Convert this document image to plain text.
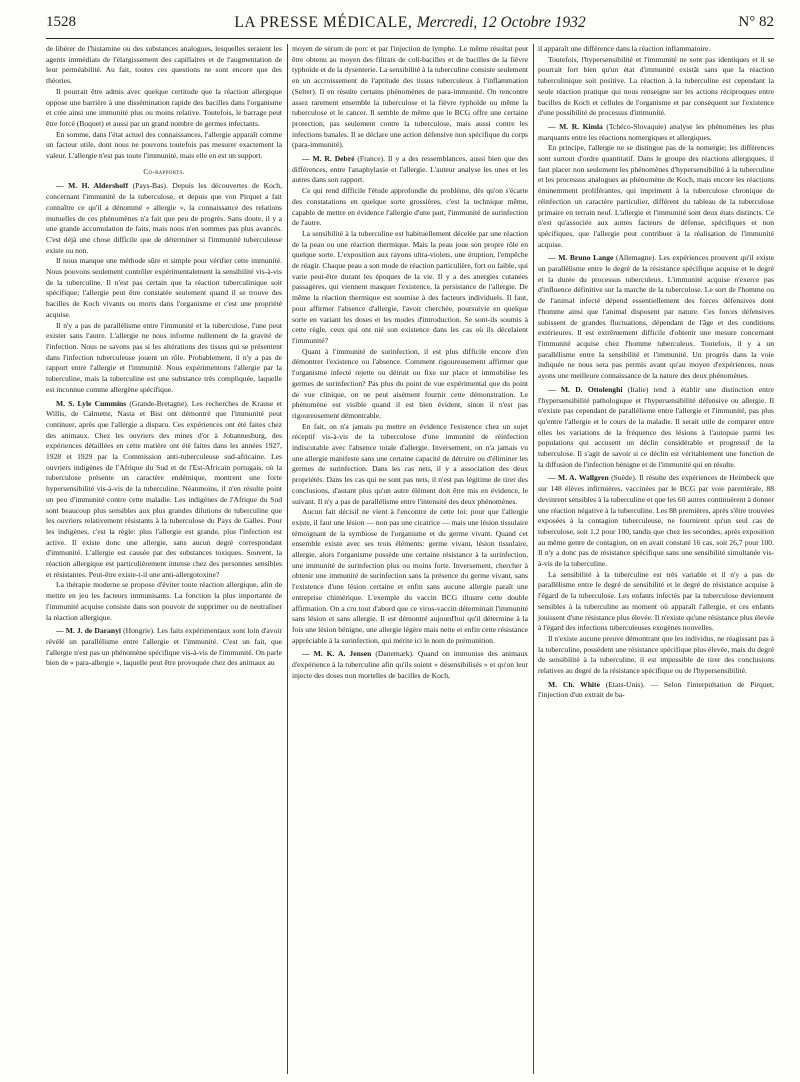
1528	LA PRESSE MÉDICALE, Mercredi, 12 Octobre 1932	N° 82

de libérer de l'histamine ou des substances analogues, lesquelles seraient les agents immédiats de l'élargissement des capillaires et de l'augmentation de leur perméabilité. Au fait, toutes ces questions ne sont encore que des théories.

Il pourrait être admis avec quelque certitude que la réaction allergique oppose une barrière à une dissémination rapide des bacilles dans l'organisme et crée ainsi une immunité plus ou moins relative. Toutefois, le barrage peut être forcé (Boquet) et aussi par un grand nombre de germes infectants.

En somme, dans l'état actuel des connaissances, l'allergie apparaît comme un facteur utile, dont nous ne pouvons toutefois pas mesurer exactement la valeur. L'allergie n'est pas toute l'immunité, mais elle en est un support.

Co-rapports.

— M. H. Aldershoff (Pays-Bas). Depuis les découvertes de Koch, concernant l'immunité de la tuberculose, et depuis que von Pirquet a fait connaître ce qu'il a dénommé « allergie », la connaissance des relations mutuelles de ces phénomènes n'a fait que peu de progrès. Sans doute, il y a une grande accumulation de faits, mais nous n'en sommes pas plus avancés. C'est déjà une chose difficile que de déterminer si l'immunité tuberculeuse existe ou non.

Il nous manque une méthode sûre et simple pour vérifier cette immunité. Nous pouvons seulement contrôler expérimentalement la sensibilité vis-à-vis de la tuberculine. Il n'est pas certain que la réaction tuberculinique soit spécifique; l'allergie peut être constatée seulement quand il se trouve des bacilles de Koch vivants ou morts dans l'organisme et c'est une propriété acquise.

Il n'y a pas de parallélisme entre l'immunité et la tuberculose, l'une peut exister sans l'autre. L'allergie ne nous informe nullement de la gravité de l'infection. Nous ne savons pas si les altérations des tissus qui se présentent dans l'infection tuberculeuse jouent un rôle. Probablement, il n'y a pas de rapport entre l'allergie et l'immunité. Nous expérimentons l'allergie par la tuberculine, mais la tuberculine est une substance très compliquée, laquelle est inconnue comme allergène spécifique.

M. S. Lyle Cummins (Grande-Bretagne). Les recherches de Krause et Willis, de Calmette, Nasta et Bist ont démontré que l'immunité peut continuer, après que l'allergie a disparu. Ces expériences ont été faites chez des animaux. Chez les ouvriers des mines d'or à Johannesburg, des expériences détaillées en cette matière ont été faites dans les années 1927, 1928 et 1929 par la Commission anti-tuberculeuse sud-africaine. Les ouvriers indigènes de l'Afrique du Sud et de l'Est-Africain portugais, où la tuberculose présente un caractère endémique, montrent une forte hypersensibilité vis-à-vis de la tuberculine. Néanmoins, il n'en résulte point un peu d'immunité contre cette maladie. Les indigènes de l'Afrique du Sud sont beaucoup plus sensibles aux plus grandes dilutions de tuberculine que les ouvriers relativement résistants à la tuberculose du Pays de Galles. Pour les indigènes, c'est la règle: plus l'allergie est grande, plus l'infection est active. Il existe donc une allergie, sans aucun degré correspondant d'immunité. L'allergie est causée par des substances toxiques. Souvent, la réaction allergique est particulièrement intense chez des personnes sensibles et résistantes. Peut-être existe-t-il une anti-allergotoxine?

La thérapie moderne se propose d'éviter toute réaction allergique, afin de mettre en jeu les facteurs immunisants. La fonction la plus importante de l'immunité acquise consiste dans son pouvoir de supprimer ou de neutraliser la réaction allergique.

— M. J. de Daranyi (Hongrie). Les faits expérimentaux sont loin d'avoir révélé un parallélisme entre l'allergie et l'immunité. C'est un fait, que l'allergie n'est pas un phénomène spécifique vis-à-vis de l'immunité. On parle bien de « para-allergie », laquelle peut être provoquée chez des animaux au

moyen de sérum de porc et par l'injection de lymphe. Le même résultat peut être obtenu au moyen des filtrats de coli-bacilles et de bacilles de la fièvre typhoïde et de la dysenterie. La sensibilité à la tuberculine consiste seulement en un accroissement de l'aptitude des tissus tuberculeux à l'inflammation (Selter). Il en résulte certains phénomènes de para-immunité. On rencontre assez rarement ensemble la tuberculose et la fièvre typhoïde ou même la tuberculose et le cancer. Il semble de même que le BCG offre une certaine protection, pas seulement contre la tuberculose, mais aussi contre les infections banales. Il se déclare une action défensive non spécifique du corps (para-immunité).

— M. R. Debré (France). Il y a des ressemblances, aussi bien que des différences, entre l'anaphylaxie et l'allergie. L'auteur analyse les unes et les autres dans son rapport.

Ce qui rend difficile l'étude approfondie du problème, dès qu'on s'écarte des constatations en quelque sorte grossières, c'est la technique même, capable de mettre en évidence l'allergie d'une part, l'immunité de surinfection de l'autre.

La sensibilité à la tuberculine est habituellement décelée par une réaction de la peau ou une réaction thermique. Mais la peau joue son propre rôle en quelque sorte. L'exposition aux rayons ultra-violets, une éruption, l'empêche de réagir. Chaque peau a son mode de réaction particulière, fort ou faible, qui varie peut-être durant les époques de la vie. Il y a des anergies cutanées passagères, qui viennent masquer l'existence, la persistance de l'allergie. De même la réaction thermique est soumise à des facteurs individuels. Il faut, pour affirmer l'absence d'allergie, l'avoir cherchée, poursuivie en quelque sorte en variant les doses et les modes d'introduction. Se sont-ils soumis à cette règle, ceux qui ont nié son existence dans les cas où ils décelaient l'immunité?

Quant à l'immunité de surinfection, il est plus difficile encore d'en démontrer l'existence ou l'absence. Comment rigoureusement affirmer que l'organisme infecté rejette ou détruit ou fixe sur place et immobilise les germes de surinfection? Pas plus du point de vue expérimental que du point de vue clinique, on ne peut aisément fournir cette démonstration. Le phénomène est visible quand il est bien évident, sinon il n'est pas rigoureusement démontrable.

En fait, on n'a jamais pu mettre en évidence l'existence chez un sujet réceptif vis-à-vis de la tuberculose d'une immunité de réinfection indiscutable avec l'absence totale d'allergie. Inversement, on n'a jamais vu une allergie manifeste sans une certaine capacité de détruire ou d'éliminer les germes de surinfection. Dans les cas nets, il y a association des deux propriétés. Dans les cas qui ne sont pas nets, il n'est pas légitime de tirer des conclusions, d'autant plus qu'un autre élément doit être mis en évidence, le suivant. Il n'y a pas de parallélisme entre l'intensité des deux phénomènes.

Aucun fait décisif ne vient à l'encontre de cette loi: pour que l'allergie existe, il faut une lésion — non pas une cicatrice — mais une lésion tissulaire témoignant de la symbiose de l'organisme et du germe vivant. Quand cet ensemble existe avec ses trois éléments: germe vivant, lésion tissulaire, allergie, alors l'organisme possède une certaine résistance à la surinfection, une immunité de surinfection plus ou moins forte. Inversement, chercher à obtenir une immunité de surinfection sans la présence du germe vivant, sans l'existence d'une lésion certaine et enfin sans aucune allergie paraît une entreprise chimérique. L'exemple du vaccin BCG illustre cette double affirmation. On a cru tout d'abord que ce virus-vaccin déterminait l'immunité sans lésion et sans allergie. Il est démontré aujourd'hui qu'il détermine à la fois une lésion bénigne, une allergie légère mais nette et enfin cette résistance appréciable à la surinfection, qui mérite ici le nom de prémunition.

— M. K. A. Jensen (Danemark). Quand on immunise des animaux d'expérience à la tuberculine afin qu'ils soient « désensibilisés » et qu'on leur injecte des doses non mortelles de bacilles de Koch,

il apparaît une différence dans la réaction inflammatoire.

Toutefois, l'hypersensibilité et l'immunité ne sont pas identiques et il se pourrait fort bien qu'un état d'immunité existât sans que la réaction tuberculinique soit positive. La réaction à la tuberculine est cependant la seule réaction pratique qui nous renseigne sur les actions réciproques entre bacilles de Koch et cellules de l'organisme et par conséquent sur l'existence d'une possibilité de processus d'immunité.

— M. R. Kimla (Tchéco-Slovaquie) analyse les phénomènes les plus marquants entre les réactions nomergiques et allergiques.

En principe, l'allergie ne se distingue pas de la nomergie; les différences sont surtout d'ordre quantitatif. Dans le groupe des réactions allergiques, il faut placer non seulement les phénomènes d'hypersensibilité à la tuberculine et les processus analogues au phénomène de Koch, mais encore les réactions éminemment proliférantes, qui impriment à la tuberculose chronique de réinfection un caractère particulier, différent du tableau de la tuberculose primaire en terrain neuf. L'allergie et l'immunité sont deux états distincts. Ce n'est qu'associée aux autres facteurs de défense, spécifiques et non spécifiques, que l'allergie peut contribuer à la réalisation de l'immunité acquise.

— M. Bruno Lange (Allemagne). Les expériences prouvent qu'il existe un parallélisme entre le degré de la résistance spécifique acquise et le degré et la durée du processus tuberculeux. L'immunité acquise n'exerce pas d'influence définitive sur la marche de la tuberculose. Le sort de l'homme ou de l'animal infecté dépend essentiellement des forces défensives dont l'homme ainsi que l'animal disposent par nature. Ces forces défensives subissent de grandes fluctuations, dépendant de l'âge et des conditions extérieures. Il est extrêmement difficile d'obtenir une mesure concernant l'immunité acquise chez l'homme tuberculeux. Toutefois, il y a un parallélisme entre la sensibilité et l'immunité. Un progrès dans la voie indiquée ne nous sera pas permis avant qu'au moyen d'expériences, nous ayons une meilleure connaissance de la nature des deux phénomènes.

— M. D. Ottolenghi (Italie) tend à établir une distinction entre l'hypersensibilité pathologique et l'hypersensibilité défensive ou allergie. Il n'existe pas cependant de parallélisme entre l'allergie et l'immunité, pas plus qu'entre l'allergie et le cours de la maladie. Il serait utile de comparer entre elles les variations de la fréquence des lésions à l'autopsie parmi les populations qui accusent un déclin considérable et progressif de la tuberculose. Il s'agit de savoir si ce déclin est véritablement une fonction de la diffusion de l'infection bénigne et de l'immunité qui en résulte.

— M. A. Wallgren (Suède). Il résulte des expériences de Heimbeck que sur 148 élèves infirmières, vaccinées par le BCG par voie parentérale, 88 devinrent sensibles à la tuberculine et que les 60 autres continuèrent à donner une réaction négative à la tuberculine. Les 88 premières, après s'être trouvées exposées à la contagion tuberculeuse, ne fournirent qu'un seul cas de tuberculose, soit 1,2 pour 100, tandis que chez les secondes, après exposition au même genre de contagion, on en avait constaté 16 cas, soit 26,7 pour 100. Il n'y a donc pas de résistance spécifique sans une sensibilité simultanée vis-à-vis de la tuberculine.

La sensibilité à la tuberculine est très variable et il n'y a pas de parallélisme entre le degré de sensibilité et le degré de résistance acquise à l'égard de la tuberculose. Les enfants infectés par la tuberculose deviennent sensibles à la tuberculine au moment où apparaît l'allergie, et ces enfants jouissent d'une résistance plus élevée. Il n'existe qu'une résistance plus élevée à l'égard des infections tuberculeuses exogènes nouvelles.

Il n'existe aucune preuve démontrant que les individus, ne réagissant pas à la tuberculine, possèdent une résistance spécifique plus élevée, mais du degré de sensibilité à la tuberculine, il est impossible de tirer des conclusions relatives au degré de la résistance spécifique ou de l'hypersensibilité.

M. Ch. White (Etats-Unis). — Selon l'interprétation de Pirquet, l'injection d'un extrait de ba-
